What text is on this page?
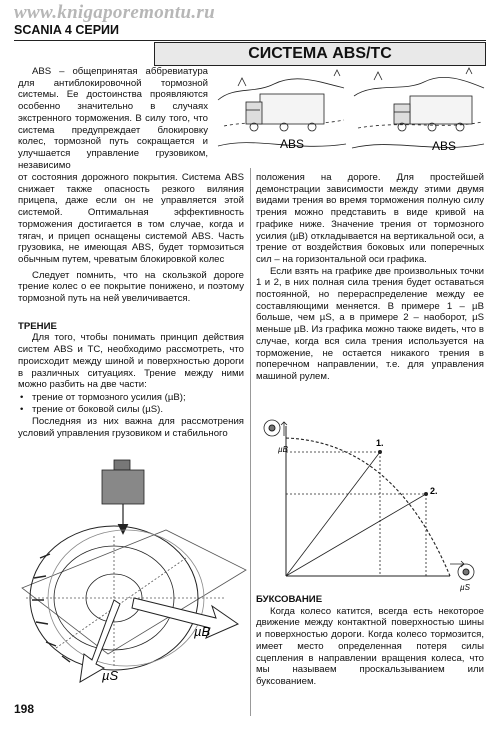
www.knigaporemontu.ru
SCANIA 4 СЕРИИ
СИСТЕМА ABS/TC
ABS	ABS

ABS – общепринятая аббревиатура для антиблокировочной тормозной системы. Ее достоинства проявляются особенно значительно в случаях экстренного торможения. В силу того, что система предупреждает блокировку колес, тормозной путь сокращается и улучшается управление грузовиком, независимо

от состояния дорожного покрытия. Система ABS снижает также опасность резкого виляния прицепа, даже если он не управляется этой системой. Оптимальная эффективность торможения достигается в том случае, когда и тягач, и прицеп оснащены системой ABS. Часть грузовика, не имеющая ABS, будет тормозиться обычным путем, чреватым блокировкой колес

Следует помнить, что на скользкой дороге трение колес о ее покрытие понижено, и поэтому тормозной путь на ней увеличивается.

ТРЕНИЕ

Для того, чтобы понимать принцип действия систем ABS и TC, необходимо рассмотреть, что происходит между шиной и поверхностью дороги в различных ситуациях. Трение между ними можно разбить на две части:

• трение от тормозного усилия (µB);
• трение от боковой силы (µS).

Последняя из них важна для рассмотрения условий управления грузовиком и стабильного

µB
µS

положения на дороге. Для простейшей демонстрации зависимости между этими двумя видами трения во время торможения полную силу трения можно представить в виде кривой на графике ниже. Значение трения от тормозного усилия (µB) откладывается на вертикальной оси, а трение от воздействия боковых или поперечных сил – на горизонтальной оси графика.

Если взять на графике две произвольных точки 1 и 2, в них полная сила трения будет оставаться постоянной, но перераспределение между ее составляющими меняется. В примере 1 – µB больше, чем µS, а в примере 2 – наоборот, µS меньше µB. Из графика можно также видеть, что в случае, когда вся сила трения используется на торможение, не остается никакого трения в поперечном направлении, т.е. для управления машиной рулем.

1.
2.
µB
µS

БУКСОВАНИЕ

Когда колесо катится, всегда есть некоторое движение между контактной поверхностью шины и поверхностью дороги. Когда колесо тормозится, имеет место определенная потеря силы сцепления в направлении вращения колеса, что мы называем проскальзыванием или буксованием.

198
